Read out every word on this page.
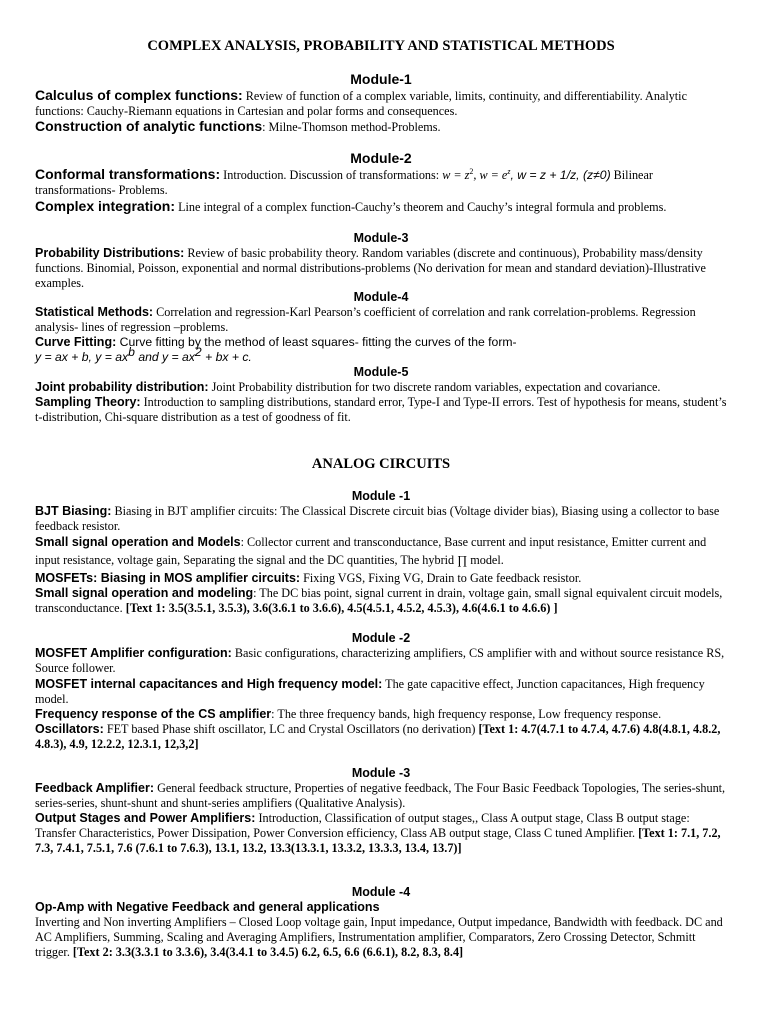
COMPLEX ANALYSIS, PROBABILITY AND STATISTICAL METHODS
Module-1
Calculus of complex functions: Review of function of a complex variable, limits, continuity, and differentiability. Analytic functions: Cauchy-Riemann equations in Cartesian and polar forms and consequences.
Construction of analytic functions: Milne-Thomson method-Problems.
Module-2
Conformal transformations: Introduction. Discussion of transformations: $w = z^2$, $w = e^z$, w = z + 1/z, (z≠0) Bilinear transformations- Problems.
Complex integration: Line integral of a complex function-Cauchy’s theorem and Cauchy’s integral formula and problems.
Module-3
Probability Distributions: Review of basic probability theory. Random variables (discrete and continuous), Probability mass/density functions. Binomial, Poisson, exponential and normal distributions-problems (No derivation for mean and standard deviation)-Illustrative examples.
Module-4
Statistical Methods: Correlation and regression-Karl Pearson’s coefficient of correlation and rank correlation-problems. Regression analysis- lines of regression –problems.
Curve Fitting: Curve fitting by the method of least squares- fitting the curves of the form-
y = ax + b, $y = ax^b$ and $y = ax^2$ + bx + c.
Module-5
Joint probability distribution: Joint Probability distribution for two discrete random variables, expectation and covariance.
Sampling Theory: Introduction to sampling distributions, standard error, Type-I and Type-II errors. Test of hypothesis for means, student’s t-distribution, Chi-square distribution as a test of goodness of fit.
ANALOG CIRCUITS
Module -1
BJT Biasing: Biasing in BJT amplifier circuits: The Classical Discrete circuit bias (Voltage divider bias), Biasing using a collector to base feedback resistor.
Small signal operation and Models: Collector current and transconductance, Base current and input resistance, Emitter current and input resistance, voltage gain, Separating the signal and the DC quantities, The hybrid ∏ model.
MOSFETs: Biasing in MOS amplifier circuits: Fixing VGS, Fixing VG, Drain to Gate feedback resistor.
Small signal operation and modeling: The DC bias point, signal current in drain, voltage gain, small signal equivalent circuit models, transconductance. [Text 1: 3.5(3.5.1, 3.5.3), 3.6(3.6.1 to 3.6.6), 4.5(4.5.1, 4.5.2, 4.5.3), 4.6(4.6.1 to 4.6.6) ]
Module -2
MOSFET Amplifier configuration: Basic configurations, characterizing amplifiers, CS amplifier with and without source resistance RS, Source follower.
MOSFET internal capacitances and High frequency model: The gate capacitive effect, Junction capacitances, High frequency model.
Frequency response of the CS amplifier: The three frequency bands, high frequency response, Low frequency response.
Oscillators: FET based Phase shift oscillator, LC and Crystal Oscillators (no derivation) [Text 1: 4.7(4.7.1 to 4.7.4, 4.7.6) 4.8(4.8.1, 4.8.2, 4.8.3), 4.9, 12.2.2, 12.3.1, 12,3,2]
Module -3
Feedback Amplifier: General feedback structure, Properties of negative feedback, The Four Basic Feedback Topologies, The series-shunt, series-series, shunt-shunt and shunt-series amplifiers (Qualitative Analysis).
Output Stages and Power Amplifiers: Introduction, Classification of output stages,, Class A output stage, Class B output stage: Transfer Characteristics, Power Dissipation, Power Conversion efficiency, Class AB output stage, Class C tuned Amplifier. [Text 1: 7.1, 7.2, 7.3, 7.4.1, 7.5.1, 7.6 (7.6.1 to 7.6.3), 13.1, 13.2, 13.3(13.3.1, 13.3.2, 13.3.3, 13.4, 13.7)]
Module -4
Op-Amp with Negative Feedback and general applications
Inverting and Non inverting Amplifiers – Closed Loop voltage gain, Input impedance, Output impedance, Bandwidth with feedback. DC and AC Amplifiers, Summing, Scaling and Averaging Amplifiers, Instrumentation amplifier, Comparators, Zero Crossing Detector, Schmitt trigger. [Text 2: 3.3(3.3.1 to 3.3.6), 3.4(3.4.1 to 3.4.5) 6.2, 6.5, 6.6 (6.6.1), 8.2, 8.3, 8.4]
